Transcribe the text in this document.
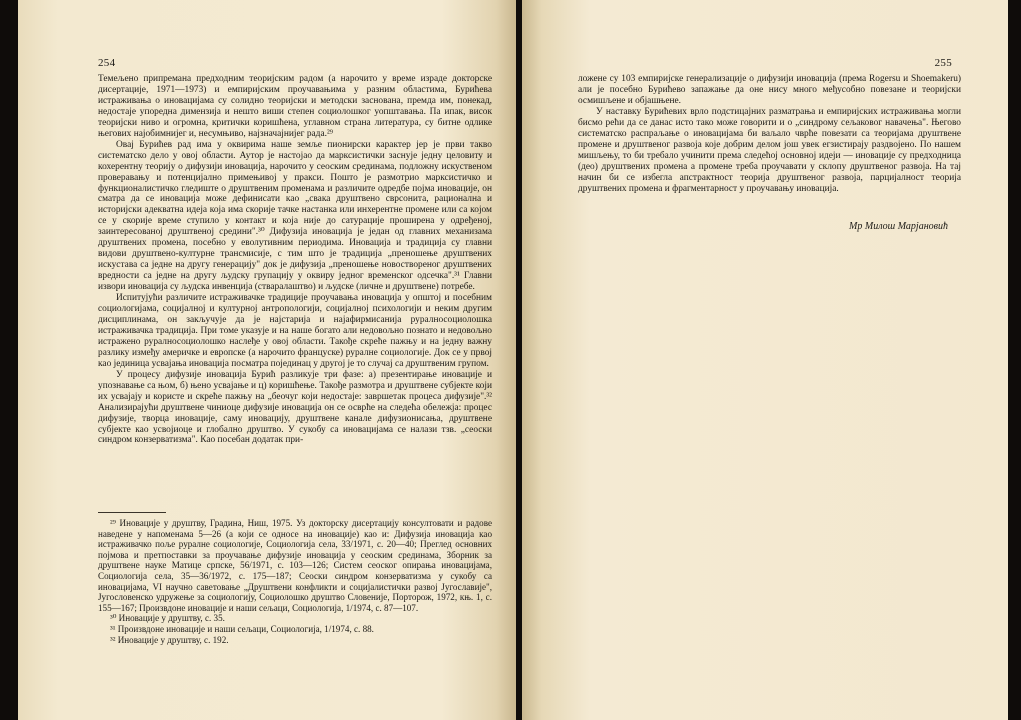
254

Темељено припремана предходним теоријским радом (а нарочито у време израде докторске дисертације, 1971—1973) и емпиријским проучавањима у разним областима, Бурићева истраживања о иновацијама су солидно теоријски и методски заснована, премда им, понекад, недостаје упоредна димензија и нешто виши степен социолошког уопштавања. Па ипак, висок теоријски ниво и огромна, критички коришћена, углавном страна литература, су битне одлике његових најобимнијег и, несумњиво, најзначајнијег рада.²⁹

Овај Бурићев рад има у оквирима наше земље пионирски карактер јер је први такво систематско дело у овој области. Аутор је настојао да марксистички заснује једну целовиту и кохерентну теорију о дифузији иновација, нарочито у сеоским срединама, подложну искуственом проверавању и потенцијално примењивој у пракси. Пошто је размотрио марксистичко и функционалистичко гледиште о друштвеним променама и различите одредбе појма иновације, он сматра да се иновација може дефинисати као „свака друштвено сврсонита, рационална и историјски адекватна идеја која има скорије тачке настанка или инхерентне промене или са којом се у скорије време ступило у контакт и која није до сатурације проширена у одређеној, заинтересованој друштвеној средини".³⁰ Дифузија иновација је један од главних механизама друштвених промена, посебно у еволутивним периодима. Иновација и традиција су главни видови друштвено-културне трансмисије, с тим што је традиција „преношење друштвених искустава са једне на другу генерацију" док је дифузија „преношење новоствореног друштвених вредности са једне на другу људску групацију у оквиру једног временског одсечка".³¹ Главни извори иновација су људска инвенција (стваралаштво) и људске (личне и друштвене) потребе.

Испитујући различите истраживачке традиције проучавања иновација у општој и посебним социологијама, социјалној и културној антропологији, социјалној психологији и неким другим дисциплинама, он закључује да је најстарија и најафирмисанија руралносоциолошка истраживачка традиција. При томе указује и на наше богато али недовољно познато и недовољно истражено руралносоциолошко наслеђе у овој области. Такође скреће пажњу и на једну важну разлику између америчке и европске (а нарочито француске) руралне социологије. Док се у првој као јединица усвајања иновација посматра појединац у другој је то случај са друштвеним групом.

У процесу дифузије иновација Бурић разликује три фазе: а) презентирање иновације и упознавање са њом, б) њено усвајање и ц) коришћење. Такође размотра и друштвене субјекте који их усвајају и користе и скреће пажњу на „беочуг који недостаје: завршетак процеса дифузије".³² Анализирајући друштвене чиниоце дифузије иновација он се осврће на следећа обележја: процес дифузије, творца иновације, саму иновацију, друштвене канале дифузионисања, друштвене субјекте као усвојиоце и глобално друштво. У сукобу са иновацијама се налази тзв. „сеоски синдром конзерватизма". Као посебан додатак при-

²⁹ Иновације у друштву, Градина, Ниш, 1975. Уз докторску дисертацију консултовати и радове наведене у напоменама 5—26 (а који се односе на иновације) као и: Дифузија иновација као истраживачко поље руралне социологије, Социологија села, 33/1971, с. 20—40; Преглед основних појмова и претпоставки за проучавање дифузије иновација у сеоским срединама, Зборник за друштвене науке Матице српске, 56/1971, с. 103—126; Систем сеоског опирања иновацијама, Социологија села, 35—36/1972, с. 175—187; Сеоски синдром конзерватизма у сукобу са иновацијама, VI научно саветовање „Друштвени конфликти и социјалистички развој Југославије", Југословенско удружење за социологију, Социолошко друштво Словеније, Порторож, 1972, књ. 1, с. 155—167; Произвдоне иновације и наши сељаци, Социологија, 1/1974, с. 87—107.

³⁰ Иновације у друштву, с. 35.

³¹ Произвдоне иновације и наши сељаци, Социологија, 1/1974, с. 88.

³² Иновације у друштву, с. 192.

255

ложене су 103 емпиријске генерализације о дифузији иновација (према Rogersu и Shoemakeru) али је посебно Бурићево запажање да оне нису много међусобно повезане и теоријски осмишљене и објашњене.

У наставку Бурићевих врло подстицајних разматрања и емпиријских истраживања могли бисмо рећи да се данас исто тако може говорити и о „синдрому сељаковог навачења". Његово систематско распраљање о иновацијама би ваљало чврће повезати са теоријама друштвене промене и друштвеног развоја које добрим делом још увек егзистирају раздвојено. По нашем мишљењу, то би требало учинити према следећој основној идеји — иновације су предходница (део) друштвених промена а промене треба проучавати у склопу друштвеног развоја. На тај начин би се избегла апстрактност теорија друштвеног развоја, парцијалност теорија друштвених промена и фрагментарност у проучавању иновација.

Мр Милош Марјановић
